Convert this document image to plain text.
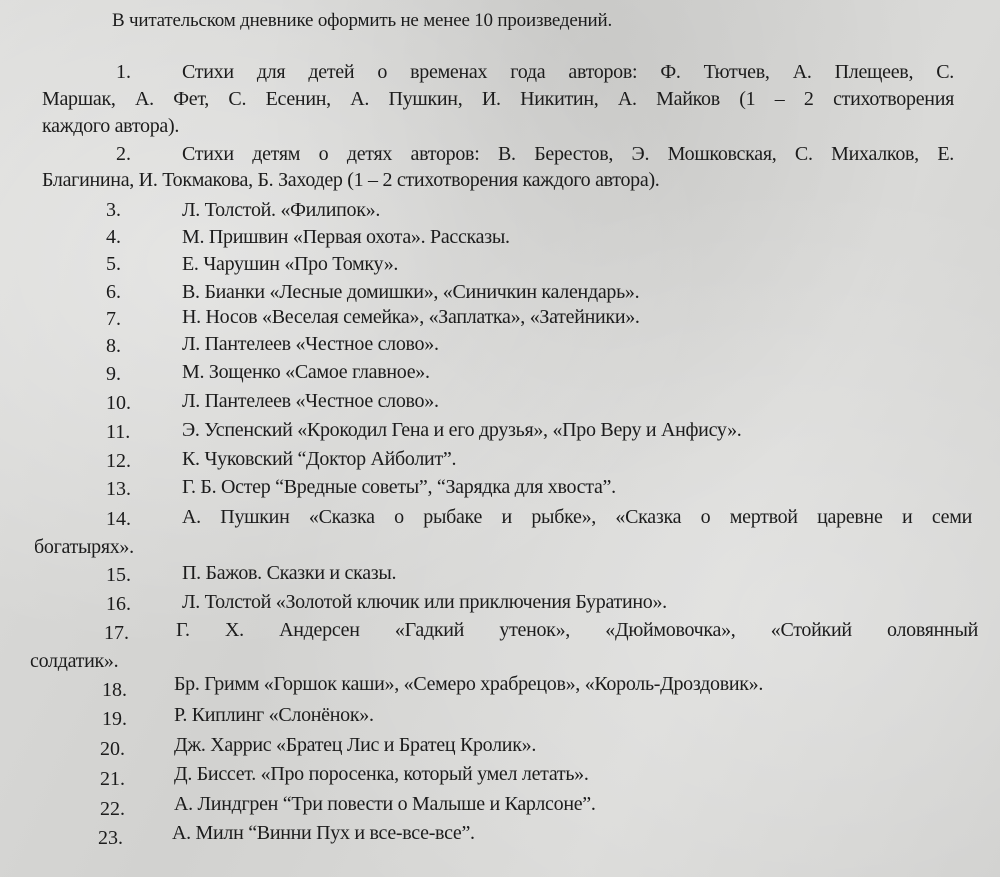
В читательском дневнике оформить не менее 10 произведений.
1.	Стихи для детей о временах года авторов: Ф. Тютчев, А. Плещеев, С.
Маршак, А. Фет, С. Есенин, А. Пушкин, И. Никитин, А. Майков (1 – 2 стихотворения
каждого автора).
2.	Стихи детям о детях авторов: В. Берестов, Э. Мошковская, С. Михалков, Е.
Благинина, И. Токмакова, Б. Заходер (1 – 2 стихотворения каждого автора).
3.	Л. Толстой. «Филипок».
4.	М. Пришвин «Первая охота». Рассказы.
5.	Е. Чарушин «Про Томку».
6.	В. Бианки «Лесные домишки», «Синичкин календарь».
7.	Н. Носов «Веселая семейка», «Заплатка», «Затейники».
8.	Л. Пантелеев «Честное слово».
9.	М. Зощенко «Самое главное».
10.	Л. Пантелеев «Честное слово».
11.	Э. Успенский «Крокодил Гена и его друзья», «Про Веру и Анфису».
12.	К. Чуковский “Доктор Айболит”.
13.	Г. Б. Остер “Вредные советы”, “Зарядка для хвоста”.
14.	А. Пушкин «Сказка о рыбаке и рыбке», «Сказка о мертвой царевне и семи
богатырях».
15.	П. Бажов. Сказки и сказы.
16.	Л. Толстой «Золотой ключик или приключения Буратино».
17. Г. Х. Андерсен «Гадкий утенок», «Дюймовочка», «Стойкий оловянный
солдатик».
18. Бр. Гримм «Горшок каши», «Семеро храбрецов», «Король-Дроздовик».
19. Р. Киплинг «Слонёнок».
20. Дж. Харрис «Братец Лис и Братец Кролик».
21. Д. Биссет. «Про поросенка, который умел летать».
22. А. Линдгрен “Три повести о Малыше и Карлсоне”.
23. А. Милн “Винни Пух и все-все-все”.
